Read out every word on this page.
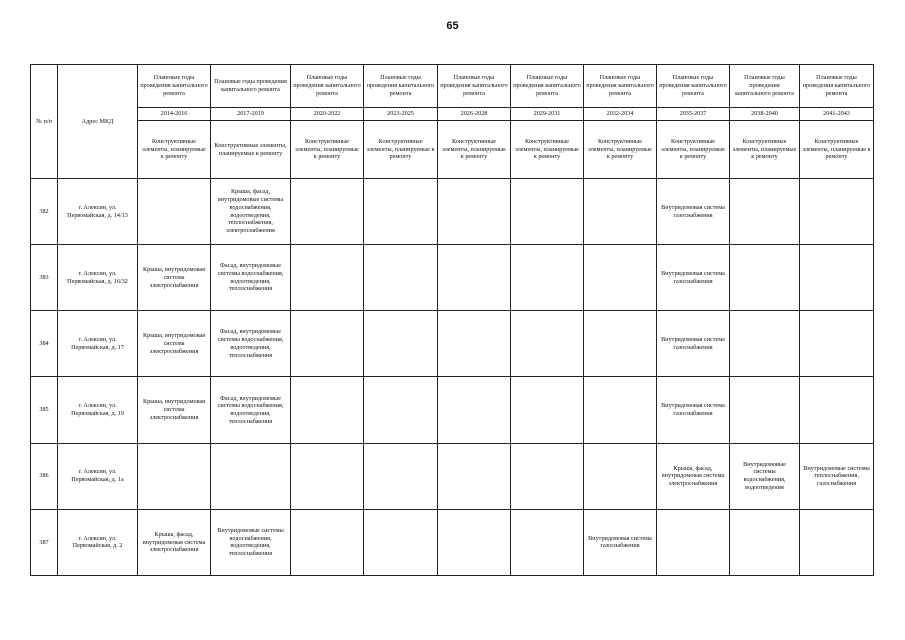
65
№ п/п	Адрес МКД	Плановые годы проведения капитального ремонта	Плановые годы проведения капитального ремонта	Плановые годы проведения капитального ремонта	Плановые годы проведения капитального ремонта	Плановые годы проведения капитального ремонта	Плановые годы проведения капитального ремонта	Плановые годы проведения капитального ремонта	Плановые годы проведения капитального ремонта	Плановые годы проведения капитального ремонта	Плановые годы проведения капитального ремонта
		2014-2016	2017-2019	2020-2022	2023-2025	2026-2028	2029-2031	2032-2034	2035-2037	2038-2040	2041-2043
		Конструктивные элементы, планируемые к ремонту	Конструктивные элементы, планируемые к ремонту	Конструктивные элементы, планируемые к ремонту	Конструктивные элементы, планируемые к ремонту	Конструктивные элементы, планируемые к ремонту	Конструктивные элементы, планируемые к ремонту	Конструктивные элементы, планируемые к ремонту	Конструктивные элементы, планируемые к ремонту	Конструктивные элементы, планируемые к ремонту	Конструктивные элементы, планируемые к ремонту
382	г. Алексин, ул. Первомайская, д. 14/13		Крыша, фасад, внутридомовые системы водоснабжения, водоотведения, теплоснабжения, электроснабжения						Внутридомовая система газоснабжения		
383	г. Алексин, ул. Первомайская, д. 16/32	Крыша, внутридомовая система электроснабжения	Фасад, внутридомовые системы водоснабжения, водоотведения, теплоснабжения						Внутридомовая система газоснабжения		
384	г. Алексин, ул. Первомайская, д. 17	Крыша, внутридомовая система электроснабжения	Фасад, внутридомовые системы водоснабжения, водоотведения, теплоснабжения						Внутридомовая система газоснабжения		
385	г. Алексин, ул. Первомайская, д. 19	Крыша, внутридомовая система электроснабжения	Фасад, внутридомовые системы водоснабжения, водоотведения, теплоснабжения						Внутридомовая система газоснабжения		
386	г. Алексин, ул. Первомайская, д. 1а								Крыша, фасад, внутридомовая система электроснабжения	Внутридомовые системы водоснабжения, водоотведения	Внутридомовые системы теплоснабжения, газоснабжения
387	г. Алексин, ул. Первомайская, д. 2	Крыша, фасад, внутридомовая система электроснабжения	Внутридомовые системы водоснабжения, водоотведения, теплоснабжения					Внутридомовая система газоснабжения			
